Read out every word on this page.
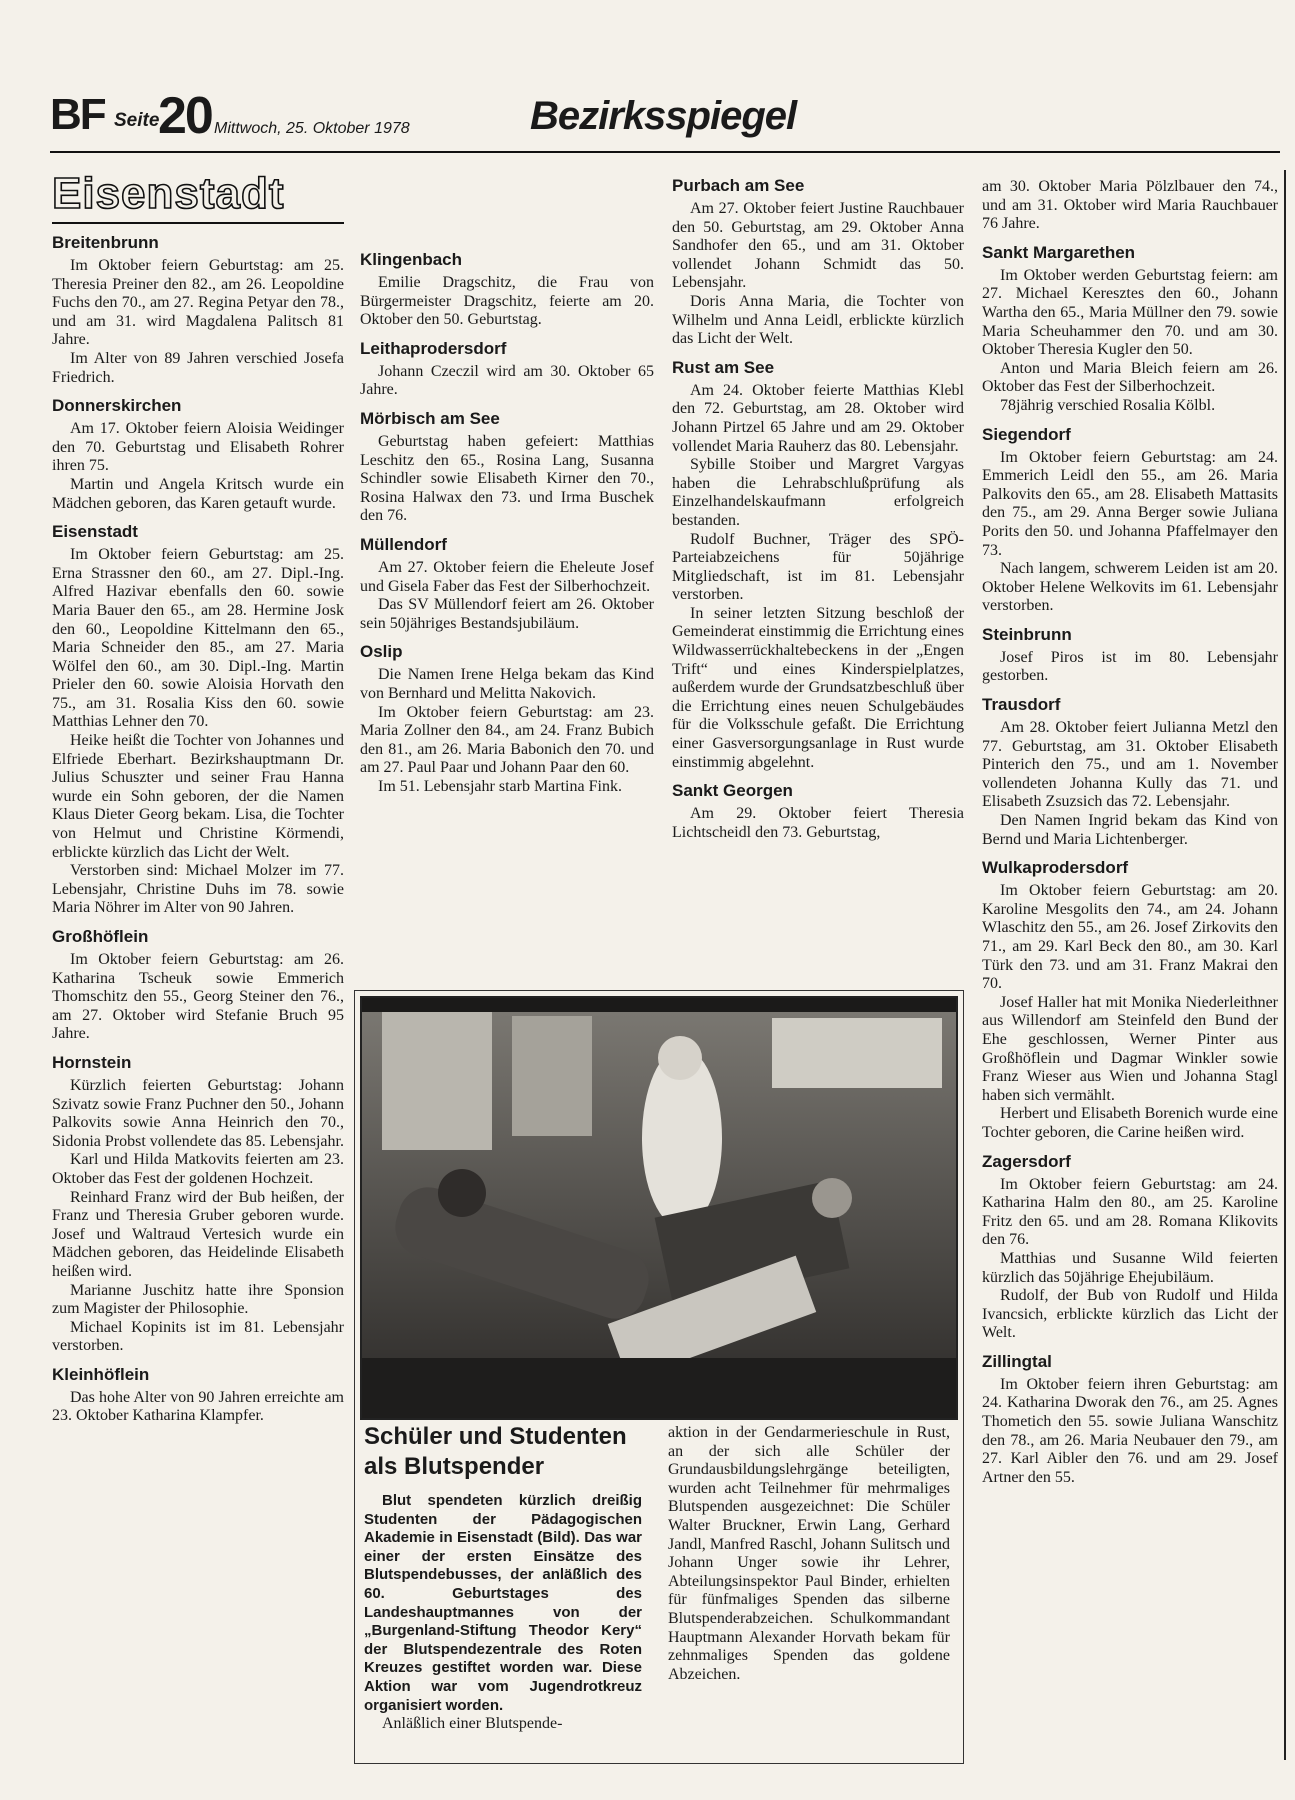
BF Seite
20 Mittwoch, 25. Oktober 1978	Bezirksspiegel
Eisenstadt
Breitenbrunn

Im Oktober feiern Geburtstag: am 25. Theresia Preiner den 82., am 26. Leopoldine Fuchs den 70., am 27. Regina Petyar den 78., und am 31. wird Magdalena Palitsch 81 Jahre.

Im Alter von 89 Jahren verschied Josefa Friedrich.

Donnerskirchen

Am 17. Oktober feiern Aloisia Weidinger den 70. Geburtstag und Elisabeth Rohrer ihren 75.

Martin und Angela Kritsch wurde ein Mädchen geboren, das Karen getauft wurde.

Eisenstadt

Im Oktober feiern Geburtstag: am 25. Erna Strassner den 60., am 27. Dipl.-Ing. Alfred Hazivar ebenfalls den 60. sowie Maria Bauer den 65., am 28. Hermine Josk den 60., Leopoldine Kittelmann den 65., Maria Schneider den 85., am 27. Maria Wölfel den 60., am 30. Dipl.-Ing. Martin Prieler den 60. sowie Aloisia Horvath den 75., am 31. Rosalia Kiss den 60. sowie Matthias Lehner den 70.

Heike heißt die Tochter von Johannes und Elfriede Eberhart. Bezirkshauptmann Dr. Julius Schuszter und seiner Frau Hanna wurde ein Sohn geboren, der die Namen Klaus Dieter Georg bekam. Lisa, die Tochter von Helmut und Christine Körmendi, erblickte kürzlich das Licht der Welt.

Verstorben sind: Michael Molzer im 77. Lebensjahr, Christine Duhs im 78. sowie Maria Nöhrer im Alter von 90 Jahren.

Großhöflein

Im Oktober feiern Geburtstag: am 26. Katharina Tscheuk sowie Emmerich Thomschitz den 55., Georg Steiner den 76., am 27. Oktober wird Stefanie Bruch 95 Jahre.

Hornstein

Kürzlich feierten Geburtstag: Johann Szivatz sowie Franz Puchner den 50., Johann Palkovits sowie Anna Heinrich den 70., Sidonia Probst vollendete das 85. Lebensjahr.

Karl und Hilda Matkovits feierten am 23. Oktober das Fest der goldenen Hochzeit.

Reinhard Franz wird der Bub heißen, der Franz und Theresia Gruber geboren wurde. Josef und Waltraud Vertesich wurde ein Mädchen geboren, das Heidelinde Elisabeth heißen wird.

Marianne Juschitz hatte ihre Sponsion zum Magister der Philosophie.

Michael Kopinits ist im 81. Lebensjahr verstorben.

Kleinhöflein

Das hohe Alter von 90 Jahren erreichte am 23. Oktober Katharina Klampfer.

Klingenbach

Emilie Dragschitz, die Frau von Bürgermeister Dragschitz, feierte am 20. Oktober den 50. Geburtstag.

Leithaprodersdorf

Johann Czeczil wird am 30. Oktober 65 Jahre.

Mörbisch am See

Geburtstag haben gefeiert: Matthias Leschitz den 65., Rosina Lang, Susanna Schindler sowie Elisabeth Kirner den 70., Rosina Halwax den 73. und Irma Buschek den 76.

Müllendorf

Am 27. Oktober feiern die Eheleute Josef und Gisela Faber das Fest der Silberhochzeit.

Das SV Müllendorf feiert am 26. Oktober sein 50jähriges Bestandsjubiläum.

Oslip

Die Namen Irene Helga bekam das Kind von Bernhard und Melitta Nakovich.

Im Oktober feiern Geburtstag: am 23. Maria Zollner den 84., am 24. Franz Bubich den 81., am 26. Maria Babonich den 70. und am 27. Paul Paar und Johann Paar den 60.

Im 51. Lebensjahr starb Martina Fink.

Purbach am See

Am 27. Oktober feiert Justine Rauchbauer den 50. Geburtstag, am 29. Oktober Anna Sandhofer den 65., und am 31. Oktober vollendet Johann Schmidt das 50. Lebensjahr.

Doris Anna Maria, die Tochter von Wilhelm und Anna Leidl, erblickte kürzlich das Licht der Welt.

Rust am See

Am 24. Oktober feierte Matthias Klebl den 72. Geburtstag, am 28. Oktober wird Johann Pirtzel 65 Jahre und am 29. Oktober vollendet Maria Rauherz das 80. Lebensjahr.

Sybille Stoiber und Margret Vargyas haben die Lehrabschlußprüfung als Einzelhandelskaufmann erfolgreich bestanden.

Rudolf Buchner, Träger des SPÖ-Parteiabzeichens für 50jährige Mitgliedschaft, ist im 81. Lebensjahr verstorben.

In seiner letzten Sitzung beschloß der Gemeinderat einstimmig die Errichtung eines Wildwasserrückhaltebeckens in der „Engen Trift“ und eines Kinderspielplatzes, außerdem wurde der Grundsatzbeschluß über die Errichtung eines neuen Schulgebäudes für die Volksschule gefaßt. Die Errichtung einer Gasversorgungsanlage in Rust wurde einstimmig abgelehnt.

Sankt Georgen

Am 29. Oktober feiert Theresia Lichtscheidl den 73. Geburtstag,

am 30. Oktober Maria Pölzlbauer den 74., und am 31. Oktober wird Maria Rauchbauer 76 Jahre.

Sankt Margarethen

Im Oktober werden Geburtstag feiern: am 27. Michael Keresztes den 60., Johann Wartha den 65., Maria Müllner den 79. sowie Maria Scheuhammer den 70. und am 30. Oktober Theresia Kugler den 50.

Anton und Maria Bleich feiern am 26. Oktober das Fest der Silberhochzeit.

78jährig verschied Rosalia Kölbl.

Siegendorf

Im Oktober feiern Geburtstag: am 24. Emmerich Leidl den 55., am 26. Maria Palkovits den 65., am 28. Elisabeth Mattasits den 75., am 29. Anna Berger sowie Juliana Porits den 50. und Johanna Pfaffelmayer den 73.

Nach langem, schwerem Leiden ist am 20. Oktober Helene Welkovits im 61. Lebensjahr verstorben.

Steinbrunn

Josef Piros ist im 80. Lebensjahr gestorben.

Trausdorf

Am 28. Oktober feiert Julianna Metzl den 77. Geburtstag, am 31. Oktober Elisabeth Pinterich den 75., und am 1. November vollendeten Johanna Kully das 71. und Elisabeth Zsuzsich das 72. Lebensjahr.

Den Namen Ingrid bekam das Kind von Bernd und Maria Lichtenberger.

Wulkaprodersdorf

Im Oktober feiern Geburtstag: am 20. Karoline Mesgolits den 74., am 24. Johann Wlaschitz den 55., am 26. Josef Zirkovits den 71., am 29. Karl Beck den 80., am 30. Karl Türk den 73. und am 31. Franz Makrai den 70.

Josef Haller hat mit Monika Niederleithner aus Willendorf am Steinfeld den Bund der Ehe geschlossen, Werner Pinter aus Großhöflein und Dagmar Winkler sowie Franz Wieser aus Wien und Johanna Stagl haben sich vermählt.

Herbert und Elisabeth Borenich wurde eine Tochter geboren, die Carine heißen wird.

Zagersdorf

Im Oktober feiern Geburtstag: am 24. Katharina Halm den 80., am 25. Karoline Fritz den 65. und am 28. Romana Klikovits den 76.

Matthias und Susanne Wild feierten kürzlich das 50jährige Ehejubiläum.

Rudolf, der Bub von Rudolf und Hilda Ivancsich, erblickte kürzlich das Licht der Welt.

Zillingtal

Im Oktober feiern ihren Geburtstag: am 24. Katharina Dworak den 76., am 25. Agnes Thometich den 55. sowie Juliana Wanschitz den 78., am 26. Maria Neubauer den 79., am 27. Karl Aibler den 76. und am 29. Josef Artner den 55.

Schüler und Studenten als Blutspender

Blut spendeten kürzlich dreißig Studenten der Pädagogischen Akademie in Eisenstadt (Bild). Das war einer der ersten Einsätze des Blutspendebusses, der anläßlich des 60. Geburtstages des Landeshauptmannes von der „Burgenland-Stiftung Theodor Kery“ der Blutspendezentrale des Roten Kreuzes gestiftet worden war. Diese Aktion war vom Jugendrotkreuz organisiert worden.

Anläßlich einer Blutspende-

aktion in der Gendarmerieschule in Rust, an der sich alle Schüler der Grundausbildungslehrgänge beteiligten, wurden acht Teilnehmer für mehrmaliges Blutspenden ausgezeichnet: Die Schüler Walter Bruckner, Erwin Lang, Gerhard Jandl, Manfred Raschl, Johann Sulitsch und Johann Unger sowie ihr Lehrer, Abteilungsinspektor Paul Binder, erhielten für fünfmaliges Spenden das silberne Blutspenderabzeichen. Schulkommandant Hauptmann Alexander Horvath bekam für zehnmaliges Spenden das goldene Abzeichen.
